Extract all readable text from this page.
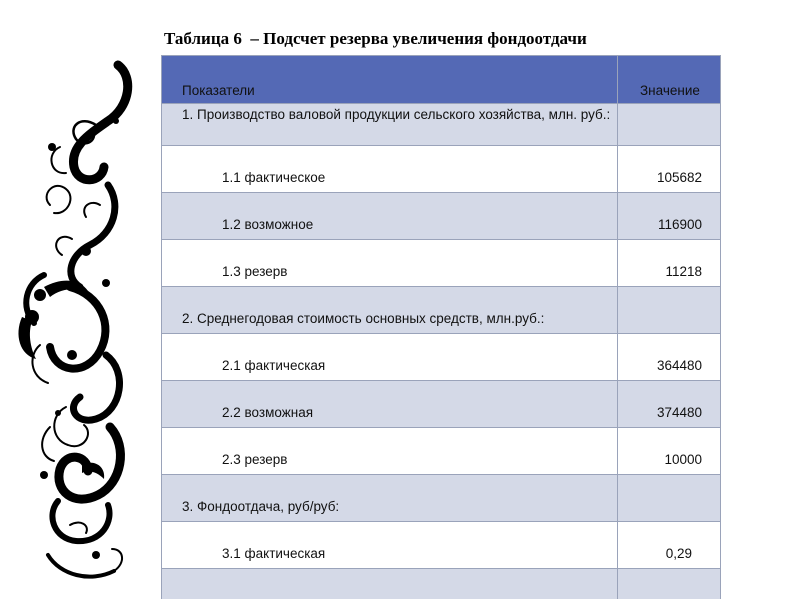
Таблица 6  – Подсчет резерва увеличения фондоотдачи
Показатели	Значение

1. Производство валовой продукции сельского хозяйства, млн. руб.:	

1.1 фактическое	105682

1.2 возможное	116900

1.3 резерв	11218

2. Среднегодовая стоимость основных средств, млн.руб.:	

2.1 фактическая	364480

2.2 возможная	374480

2.3 резерв	10000

3. Фондоотдача, руб/руб:	

3.1 фактическая	0,29
